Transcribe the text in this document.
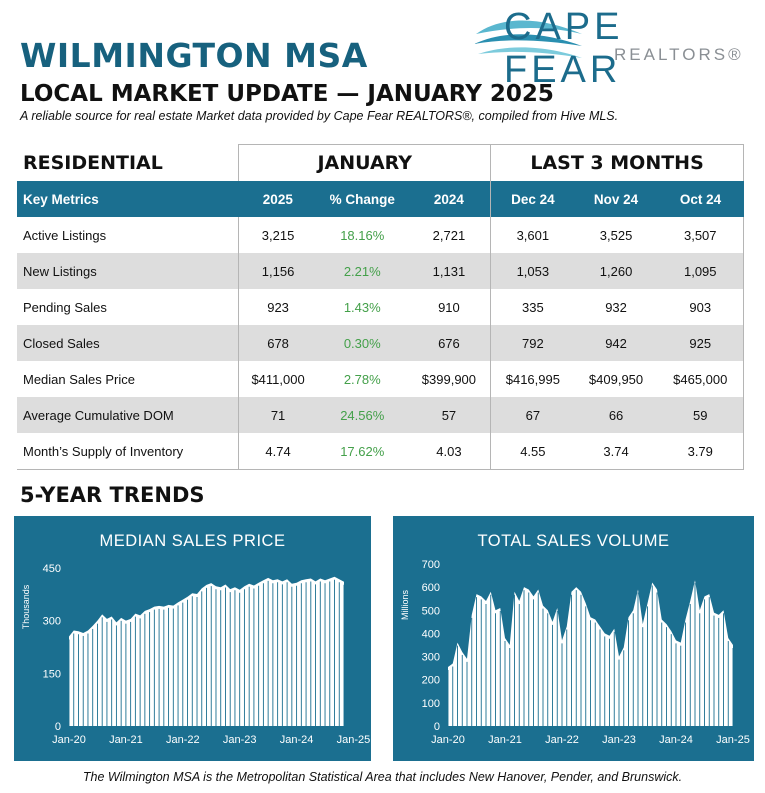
WILMINGTON MSA
LOCAL MARKET UPDATE — JANUARY 2025
A reliable source for real estate Market data provided by Cape Fear REALTORS®, compiled from Hive MLS.
CAPE FEAR
REALTORS®
RESIDENTIAL	JANUARY			LAST 3 MONTHS		
Key Metrics	2025	% Change	2024	Dec 24	Nov 24	Oct 24
Active Listings	3,215	18.16%	2,721	3,601	3,525	3,507
New Listings	1,156	2.21%	1,131	1,053	1,260	1,095
Pending Sales	923	1.43%	910	335	932	903
Closed Sales	678	0.30%	676	792	942	925
Median Sales Price	$411,000	2.78%	$399,900	$416,995	$409,950	$465,000
Average Cumulative DOM	71	24.56%	57	67	66	59
Month’s Supply of Inventory	4.74	17.62%	4.03	4.55	3.74	3.79
5-YEAR TRENDS
MEDIAN SALES PRICE
0
150
300
450
Jan-20 Jan-21 Jan-22 Jan-23 Jan-24 Jan-25
Thousands
TOTAL SALES VOLUME
0
100
200
300
400
500
600
700
Jan-20 Jan-21 Jan-22 Jan-23 Jan-24 Jan-25
Millions
The Wilmington MSA is the Metropolitan Statistical Area that includes New Hanover, Pender, and Brunswick.
